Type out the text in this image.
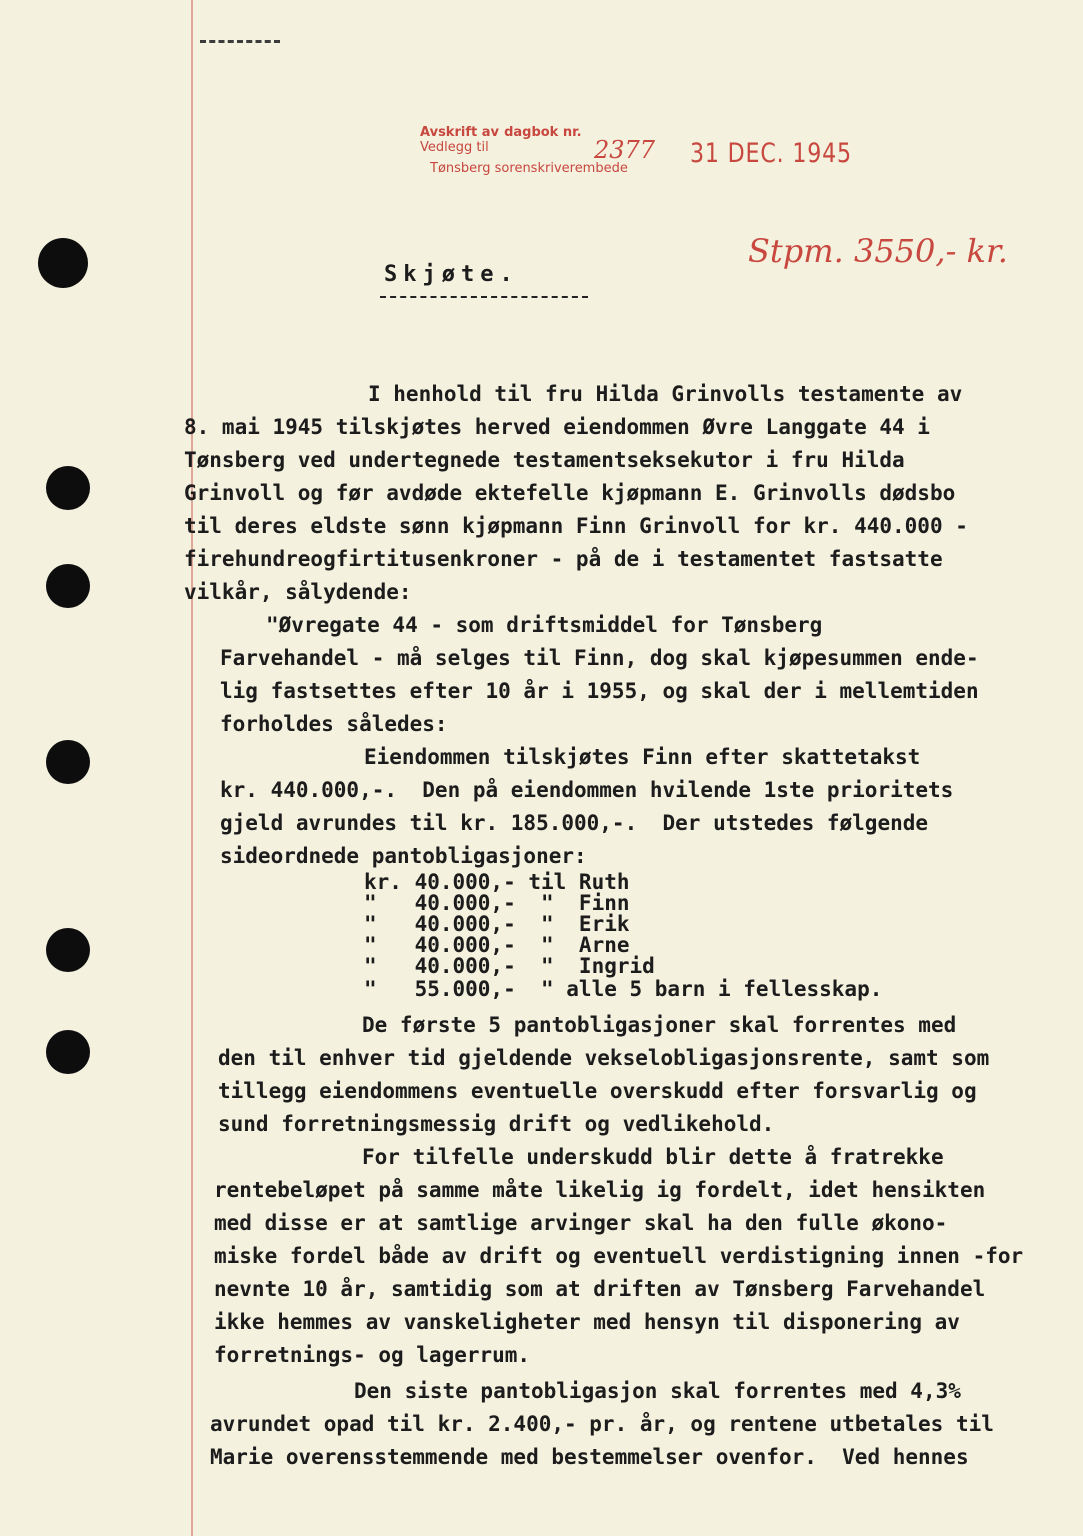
Avskrift av dagbok nr.
Vedlegg til
Tønsberg sorenskriverembede
2377 31 DEC. 1945
Stpm. 3550,- kr.
Skjøte.
I henhold til fru Hilda Grinvolls testamente av
8. mai 1945 tilskjøtes herved eiendommen Øvre Langgate 44 i
Tønsberg ved undertegnede testamentseksekutor i fru Hilda
Grinvoll og før avdøde ektefelle kjøpmann E. Grinvolls dødsbo
til deres eldste sønn kjøpmann Finn Grinvoll for kr. 440.000 -
firehundreogfirtitusenkroner - på de i testamentet fastsatte
vilkår, sålydende:
"Øvregate 44 - som driftsmiddel for Tønsberg
Farvehandel - må selges til Finn, dog skal kjøpesummen ende-
lig fastsettes efter 10 år i 1955, og skal der i mellemtiden
forholdes således:
Eiendommen tilskjøtes Finn efter skattetakst
kr. 440.000,-.  Den på eiendommen hvilende 1ste prioritets
gjeld avrundes til kr. 185.000,-.  Der utstedes følgende
sideordnede pantobligasjoner:
kr. 40.000,- til Ruth
"   40.000,-  "  Finn
"   40.000,-  "  Erik
"   40.000,-  "  Arne
"   40.000,-  "  Ingrid
"   55.000,-  " alle 5 barn i fellesskap.
De første 5 pantobligasjoner skal forrentes med
den til enhver tid gjeldende vekselobligasjonsrente, samt som
tillegg eiendommens eventuelle overskudd efter forsvarlig og
sund forretningsmessig drift og vedlikehold.
For tilfelle underskudd blir dette å fratrekke
rentebeløpet på samme måte likelig ig fordelt, idet hensikten
med disse er at samtlige arvinger skal ha den fulle økono-
miske fordel både av drift og eventuell verdistigning innen -for
nevnte 10 år, samtidig som at driften av Tønsberg Farvehandel
ikke hemmes av vanskeligheter med hensyn til disponering av
forretnings- og lagerrum.
Den siste pantobligasjon skal forrentes med 4,3%
avrundet opad til kr. 2.400,- pr. år, og rentene utbetales til
Marie overensstemmende med bestemmelser ovenfor.  Ved hennes
